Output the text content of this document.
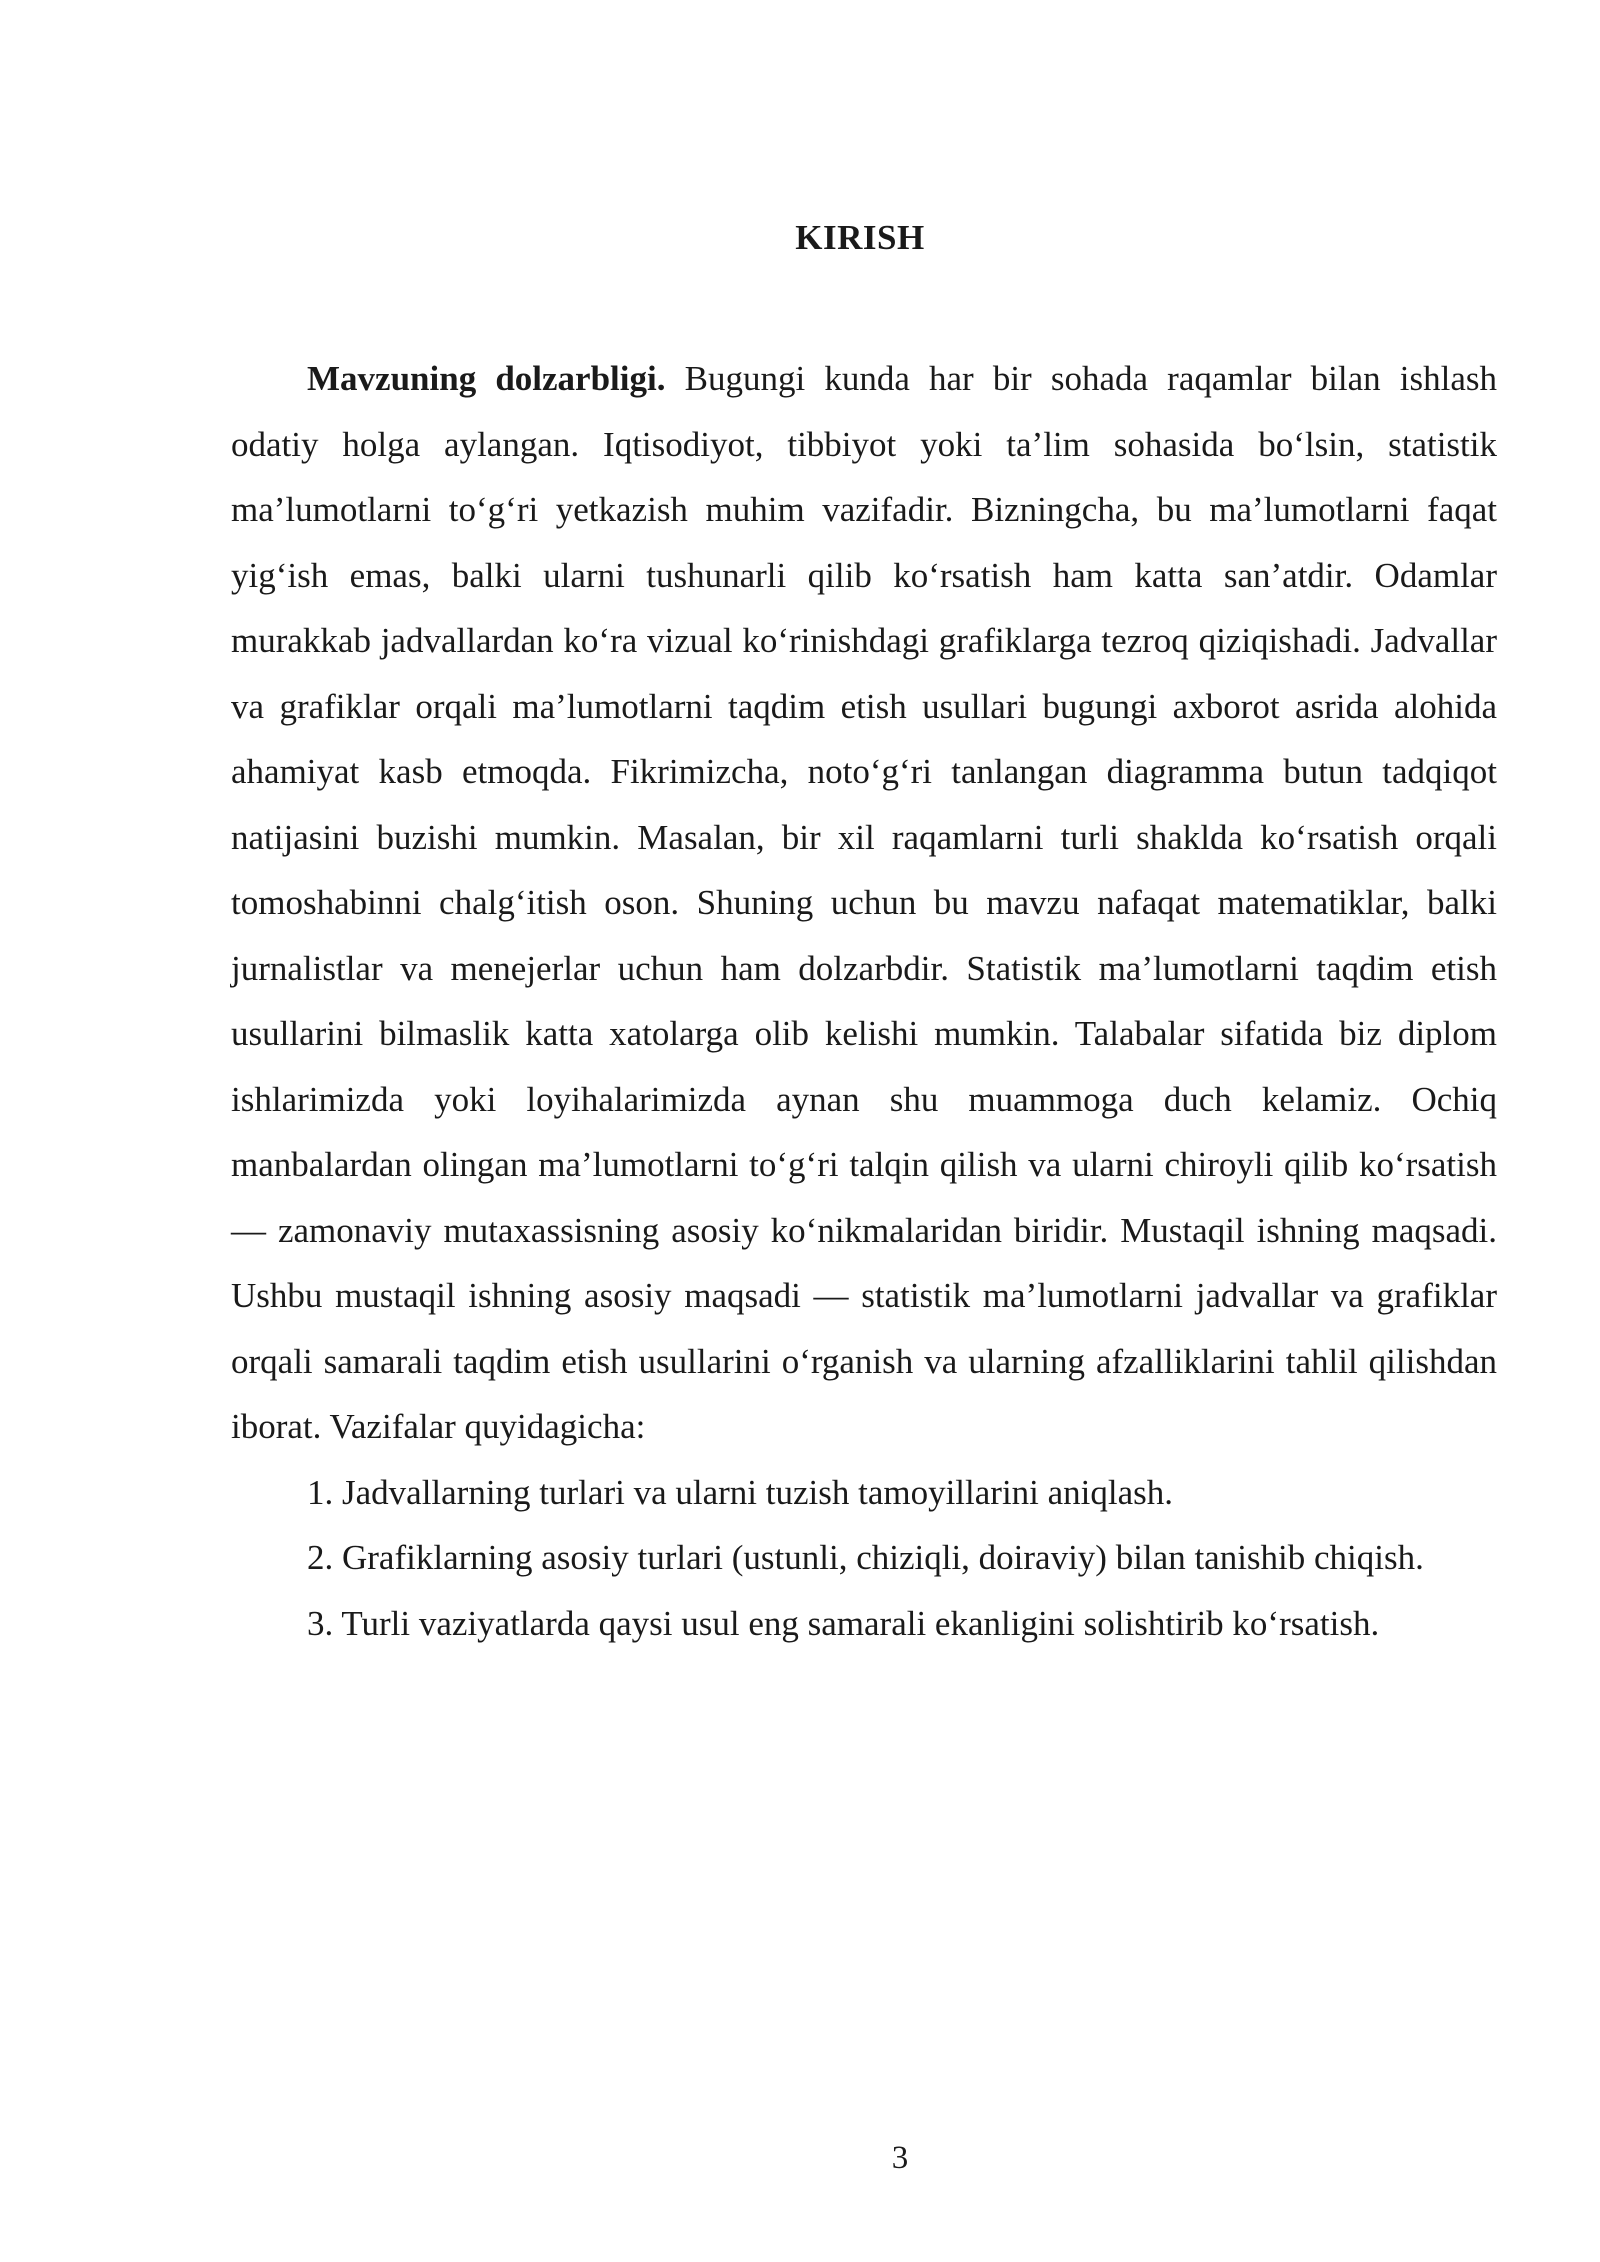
KIRISH

Mavzuning dolzarbligi. Bugungi kunda har bir sohada raqamlar bilan ishlash odatiy holga aylangan. Iqtisodiyot, tibbiyot yoki ta’lim sohasida bo‘lsin, statistik ma’lumotlarni to‘g‘ri yetkazish muhim vazifadir. Bizningcha, bu ma’lumotlarni faqat yig‘ish emas, balki ularni tushunarli qilib ko‘rsatish ham katta san’atdir. Odamlar murakkab jadvallardan ko‘ra vizual ko‘rinishdagi grafiklarga tezroq qiziqishadi. Jadvallar va grafiklar orqali ma’lumotlarni taqdim etish usullari bugungi axborot asrida alohida ahamiyat kasb etmoqda. Fikrimizcha, noto‘g‘ri tanlangan diagramma butun tadqiqot natijasini buzishi mumkin. Masalan, bir xil raqamlarni turli shaklda ko‘rsatish orqali tomoshabinni chalg‘itish oson. Shuning uchun bu mavzu nafaqat matematiklar, balki jurnalistlar va menejerlar uchun ham dolzarbdir. Statistik ma’lumotlarni taqdim etish usullarini bilmaslik katta xatolarga olib kelishi mumkin. Talabalar sifatida biz diplom ishlarimizda yoki loyihalarimizda aynan shu muammoga duch kelamiz. Ochiq manbalardan olingan ma’lumotlarni to‘g‘ri talqin qilish va ularni chiroyli qilib ko‘rsatish — zamonaviy mutaxassisning asosiy ko‘nikmalaridan biridir. Mustaqil ishning maqsadi. Ushbu mustaqil ishning asosiy maqsadi — statistik ma’lumotlarni jadvallar va grafiklar orqali samarali taqdim etish usullarini o‘rganish va ularning afzalliklarini tahlil qilishdan iborat. Vazifalar quyidagicha:

1. Jadvallarning turlari va ularni tuzish tamoyillarini aniqlash.

2. Grafiklarning asosiy turlari (ustunli, chiziqli, doiraviy) bilan tanishib chiqish.

3. Turli vaziyatlarda qaysi usul eng samarali ekanligini solishtirib ko‘rsatish.

3
